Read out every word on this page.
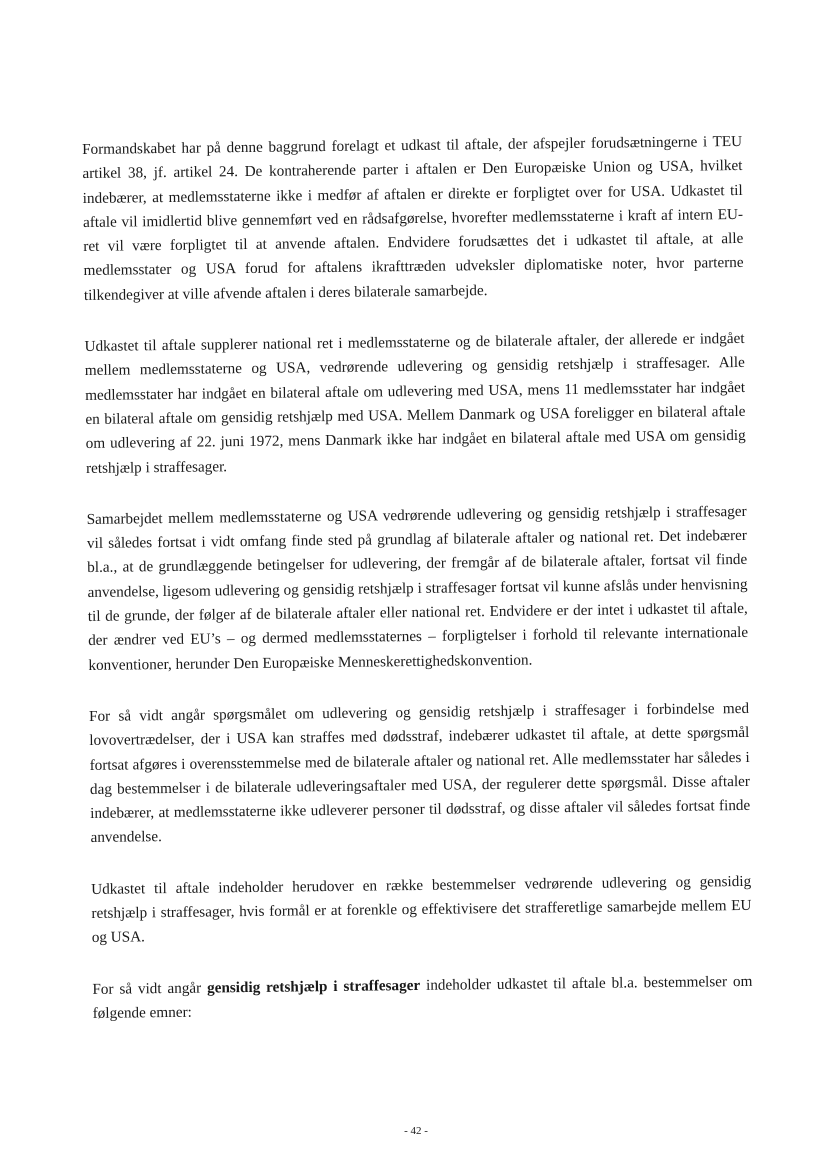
Formandskabet har på denne baggrund forelagt et udkast til aftale, der afspejler forudsætningerne i TEU artikel 38, jf. artikel 24. De kontraherende parter i aftalen er Den Europæiske Union og USA, hvilket indebærer, at medlemsstaterne ikke i medfør af aftalen er direkte er forpligtet over for USA. Udkastet til aftale vil imidlertid blive gennemført ved en rådsafgørelse, hvorefter medlemsstaterne i kraft af intern EU-ret vil være forpligtet til at anvende aftalen. Endvidere forudsættes det i udkastet til aftale, at alle medlemsstater og USA forud for aftalens ikrafttræden udveksler diplomatiske noter, hvor parterne tilkendegiver at ville afvende aftalen i deres bilaterale samarbejde.

Udkastet til aftale supplerer national ret i medlemsstaterne og de bilaterale aftaler, der allerede er indgået mellem medlemsstaterne og USA, vedrørende udlevering og gensidig retshjælp i straffesager. Alle medlemsstater har indgået en bilateral aftale om udlevering med USA, mens 11 medlemsstater har indgået en bilateral aftale om gensidig retshjælp med USA. Mellem Danmark og USA foreligger en bilateral aftale om udlevering af 22. juni 1972, mens Danmark ikke har indgået en bilateral aftale med USA om gensidig retshjælp i straffesager.

Samarbejdet mellem medlemsstaterne og USA vedrørende udlevering og gensidig retshjælp i straffesager vil således fortsat i vidt omfang finde sted på grundlag af bilaterale aftaler og national ret. Det indebærer bl.a., at de grundlæggende betingelser for udlevering, der fremgår af de bilaterale aftaler, fortsat vil finde anvendelse, ligesom udlevering og gensidig retshjælp i straffesager fortsat vil kunne afslås under henvisning til de grunde, der følger af de bilaterale aftaler eller national ret. Endvidere er der intet i udkastet til aftale, der ændrer ved EU’s – og dermed medlemsstaternes – forpligtelser i forhold til relevante internationale konventioner, herunder Den Europæiske Menneskerettighedskonvention.

For så vidt angår spørgsmålet om udlevering og gensidig retshjælp i straffesager i forbindelse med lovovertrædelser, der i USA kan straffes med dødsstraf, indebærer udkastet til aftale, at dette spørgsmål fortsat afgøres i overensstemmelse med de bilaterale aftaler og national ret. Alle medlemsstater har således i dag bestemmelser i de bilaterale udleveringsaftaler med USA, der regulerer dette spørgsmål. Disse aftaler indebærer, at medlemsstaterne ikke udleverer personer til dødsstraf, og disse aftaler vil således fortsat finde anvendelse.

Udkastet til aftale indeholder herudover en række bestemmelser vedrørende udlevering og gensidig retshjælp i straffesager, hvis formål er at forenkle og effektivisere det strafferetlige samarbejde mellem EU og USA.

For så vidt angår gensidig retshjælp i straffesager indeholder udkastet til aftale bl.a. bestemmelser om følgende emner:

- 42 -
